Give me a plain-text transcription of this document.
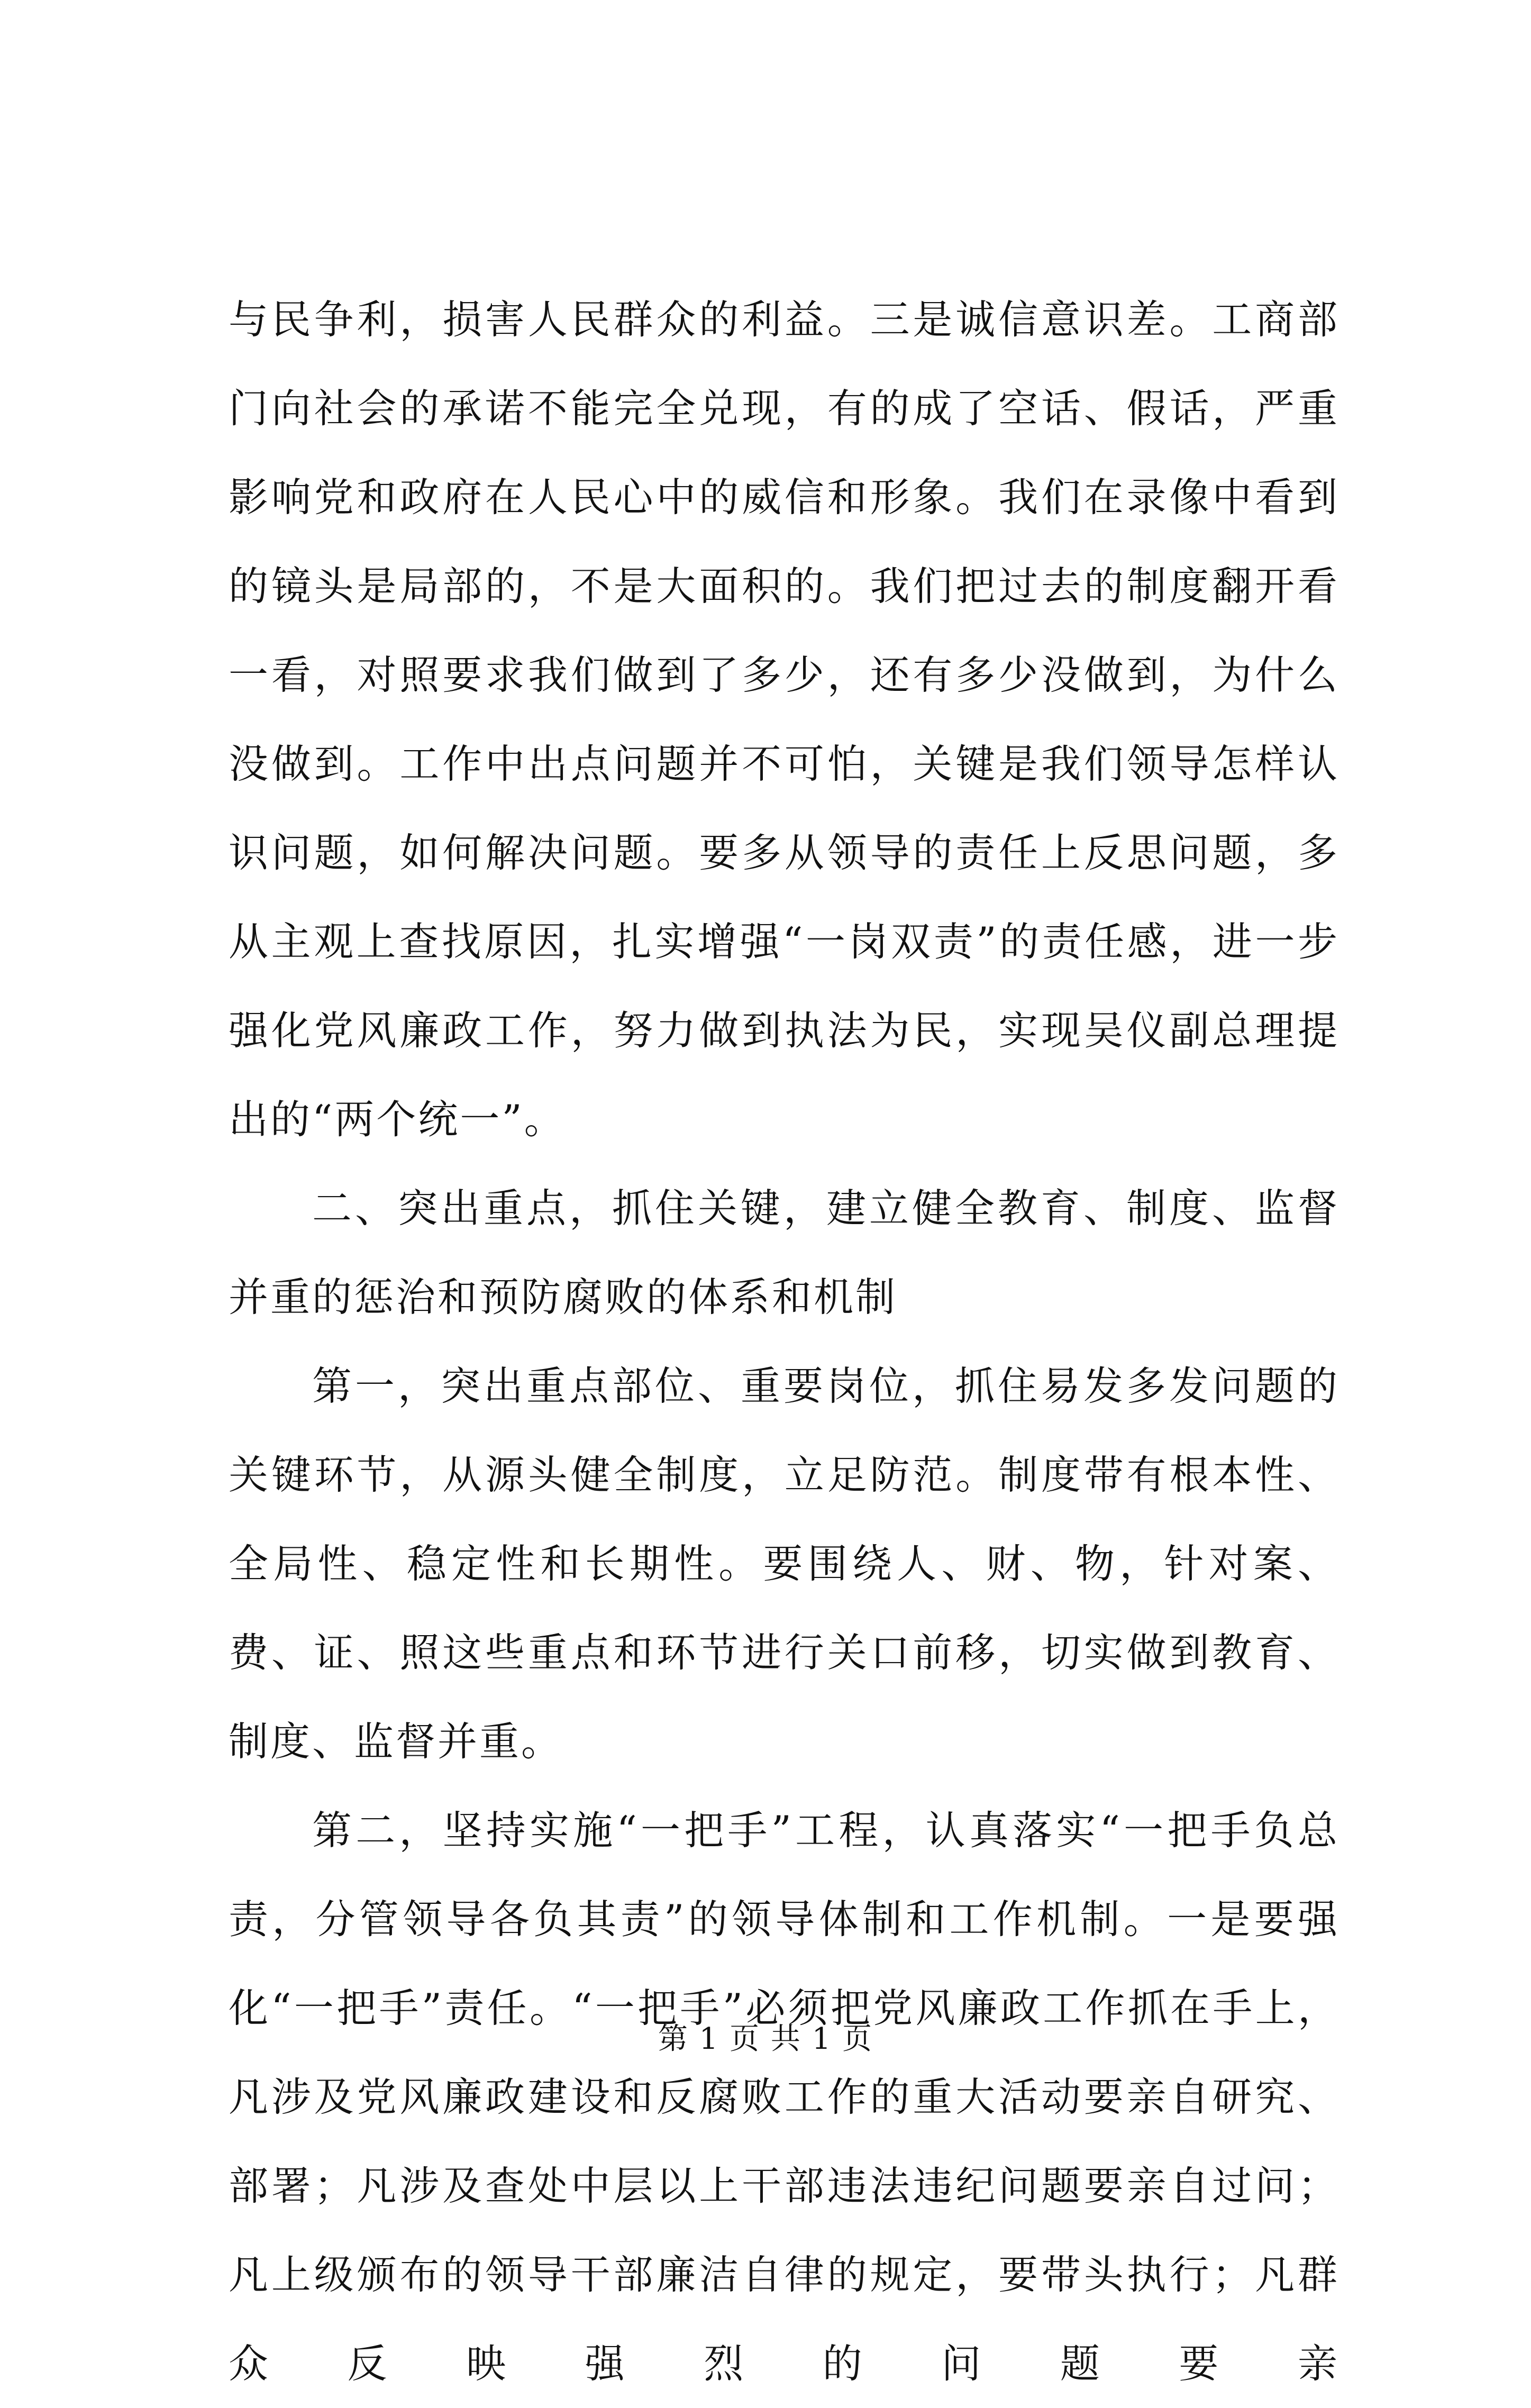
与民争利，损害人民群众的利益。三是诚信意识差。工商部门向社会的承诺不能完全兑现，有的成了空话、假话，严重影响党和政府在人民心中的威信和形象。我们在录像中看到的镜头是局部的，不是大面积的。我们把过去的制度翻开看一看，对照要求我们做到了多少，还有多少没做到，为什么没做到。工作中出点问题并不可怕，关键是我们领导怎样认识问题，如何解决问题。要多从领导的责任上反思问题，多从主观上查找原因，扎实增强“一岗双责”的责任感，进一步强化党风廉政工作，努力做到执法为民，实现吴仪副总理提出的“两个统一”。

二、突出重点，抓住关键，建立健全教育、制度、监督并重的惩治和预防腐败的体系和机制

第一，突出重点部位、重要岗位，抓住易发多发问题的关键环节，从源头健全制度，立足防范。制度带有根本性、全局性、稳定性和长期性。要围绕人、财、物，针对案、费、证、照这些重点和环节进行关口前移，切实做到教育、制度、监督并重。

第二，坚持实施“一把手”工程，认真落实“一把手负总责，分管领导各负其责”的领导体制和工作机制。一是要强化“一把手”责任。“一把手”必须把党风廉政工作抓在手上，凡涉及党风廉政建设和反腐败工作的重大活动要亲自研究、部署；凡涉及查处中层以上干部违法违纪问题要亲自过问；凡上级颁布的领导干部廉洁自律的规定，要带头执行；凡群众反映强烈的问题要亲

第 1 页 共 1 页
